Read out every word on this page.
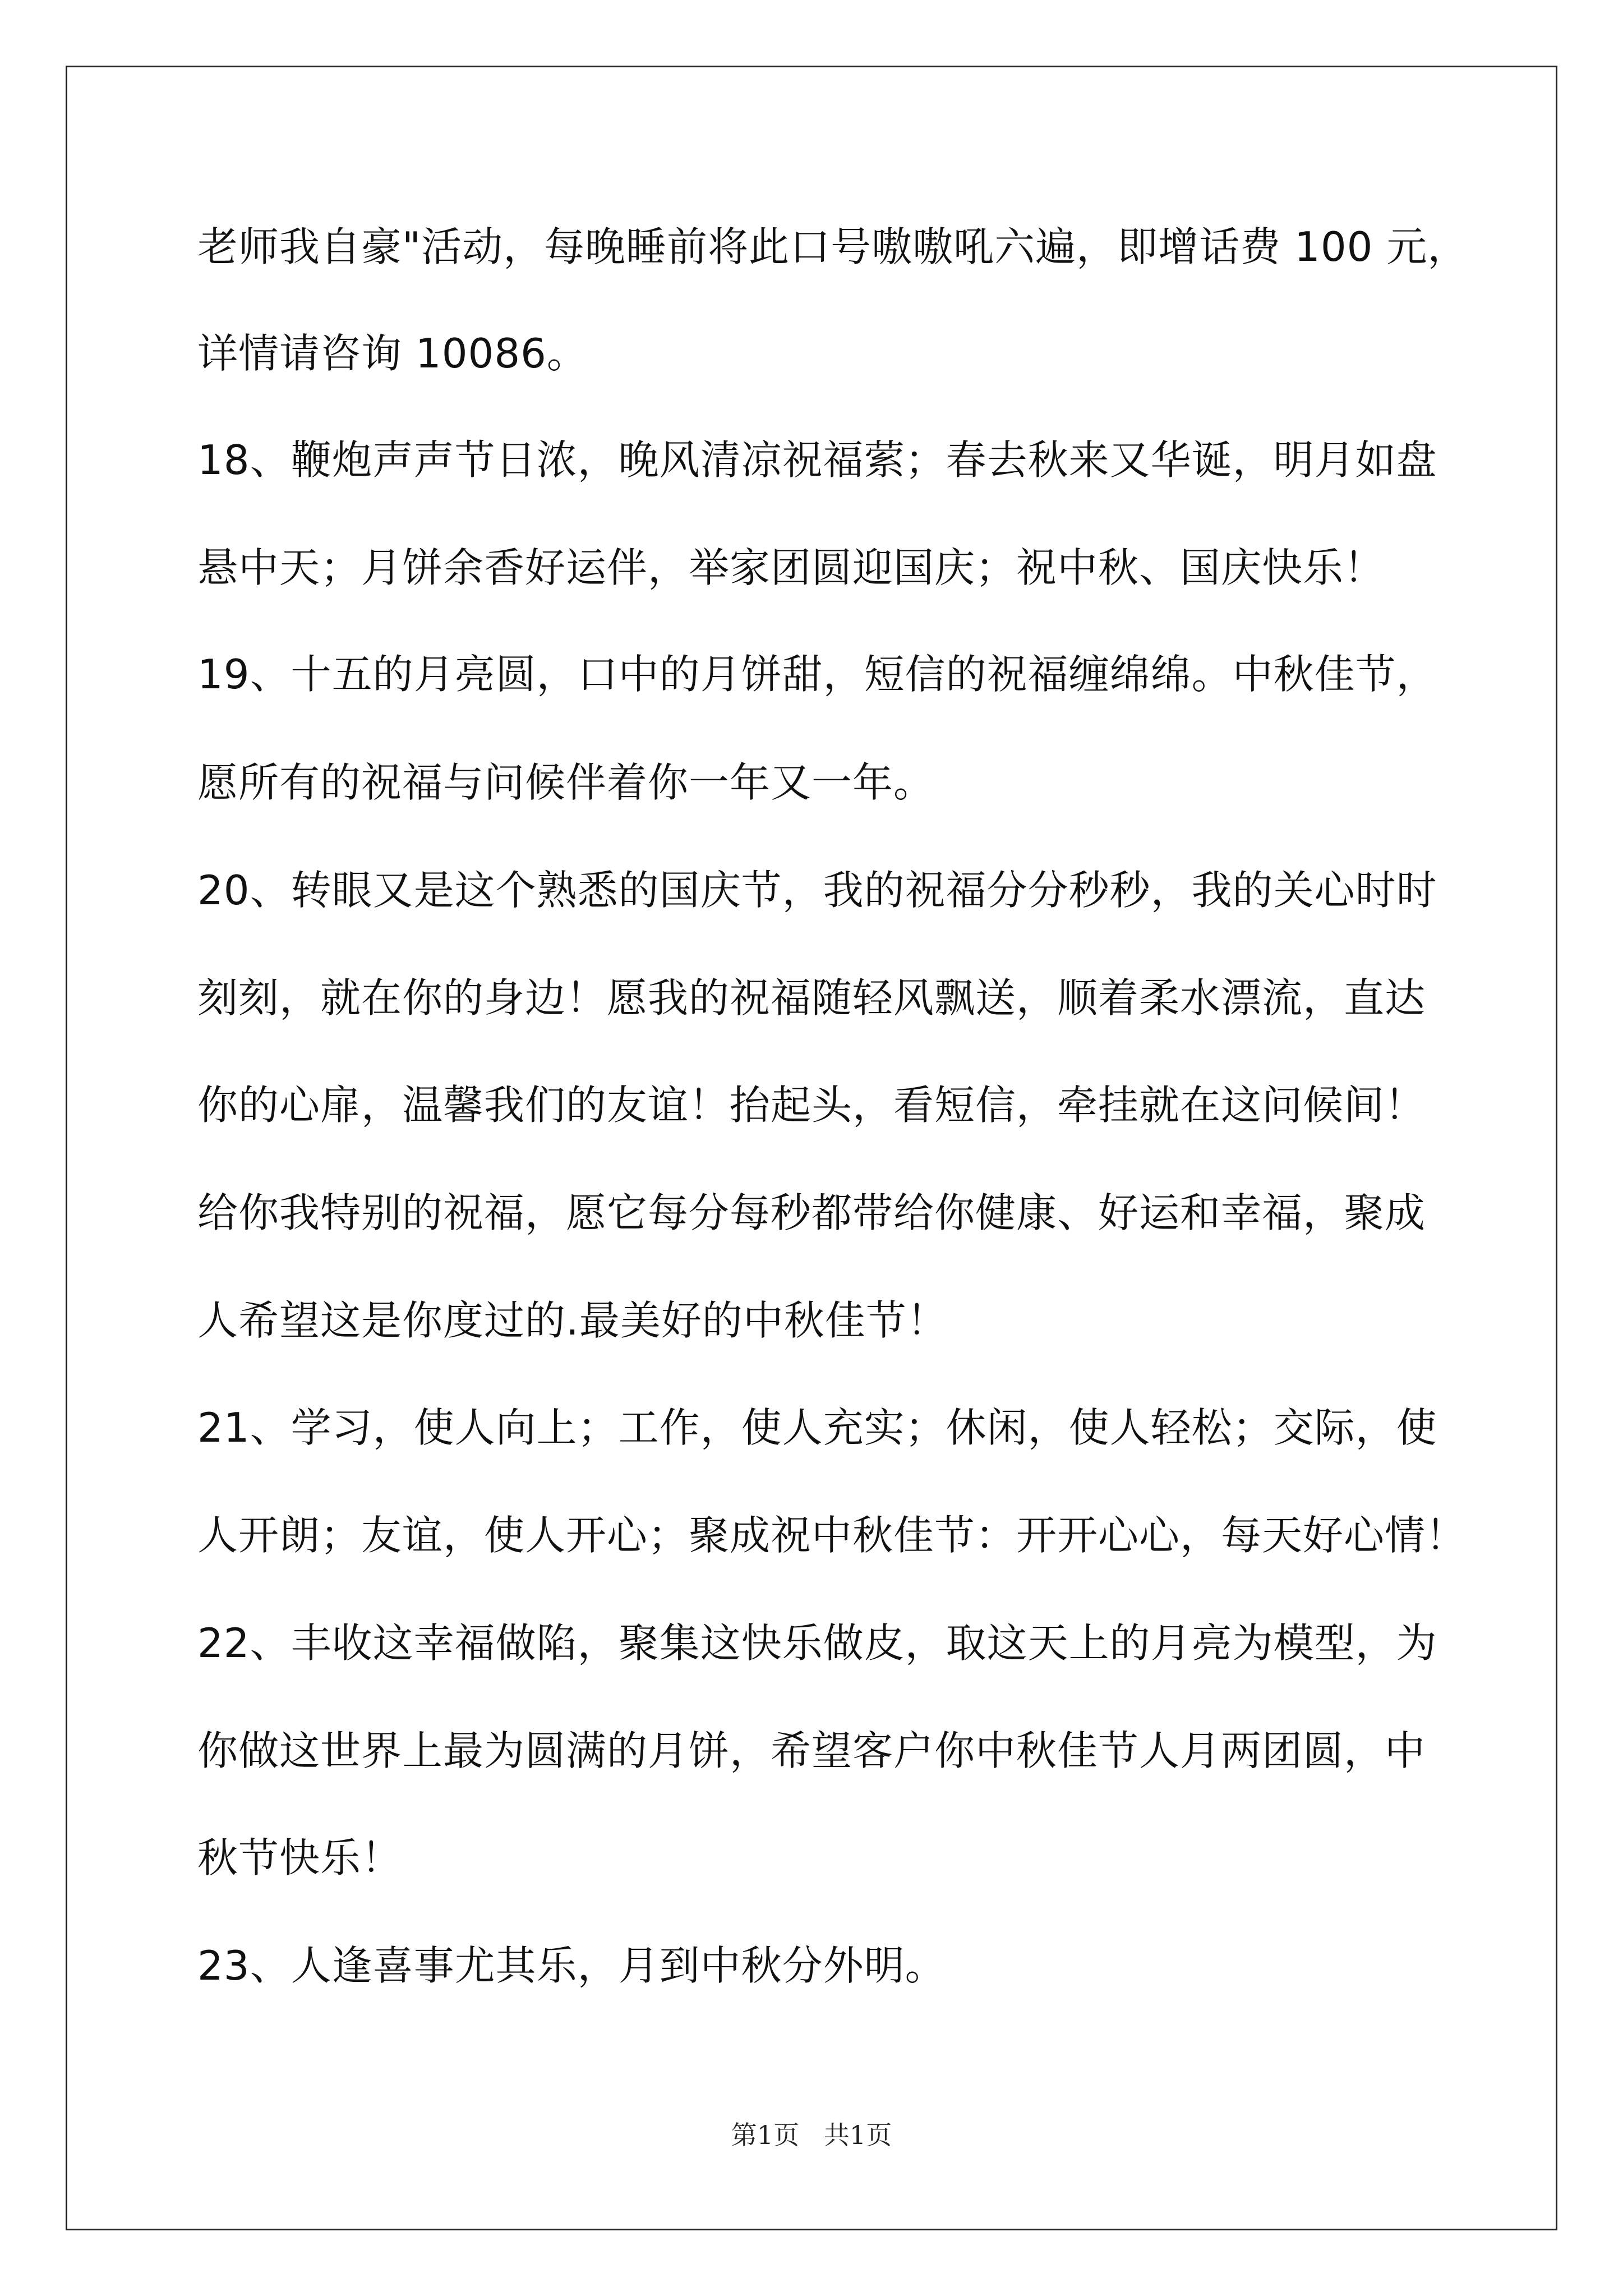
老师我自豪"活动，每晚睡前将此口号嗷嗷吼六遍，即增话费 100 元，
详情请咨询 10086。
18、鞭炮声声节日浓，晚风清凉祝福萦；春去秋来又华诞，明月如盘
悬中天；月饼余香好运伴，举家团圆迎国庆；祝中秋、国庆快乐！
19、十五的月亮圆，口中的月饼甜，短信的祝福缠绵绵。中秋佳节，
愿所有的祝福与问候伴着你一年又一年。
20、转眼又是这个熟悉的国庆节，我的祝福分分秒秒，我的关心时时
刻刻，就在你的身边！愿我的祝福随轻风飘送，顺着柔水漂流，直达
你的心扉，温馨我们的友谊！抬起头，看短信，牵挂就在这问候间！
给你我特别的祝福，愿它每分每秒都带给你健康、好运和幸福，聚成
人希望这是你度过的.最美好的中秋佳节！
21、学习，使人向上；工作，使人充实；休闲，使人轻松；交际，使
人开朗；友谊，使人开心；聚成祝中秋佳节：开开心心，每天好心情！
22、丰收这幸福做陷，聚集这快乐做皮，取这天上的月亮为模型，为
你做这世界上最为圆满的月饼，希望客户你中秋佳节人月两团圆，中
秋节快乐！
23、人逢喜事尤其乐，月到中秋分外明。
第1页   共1页
